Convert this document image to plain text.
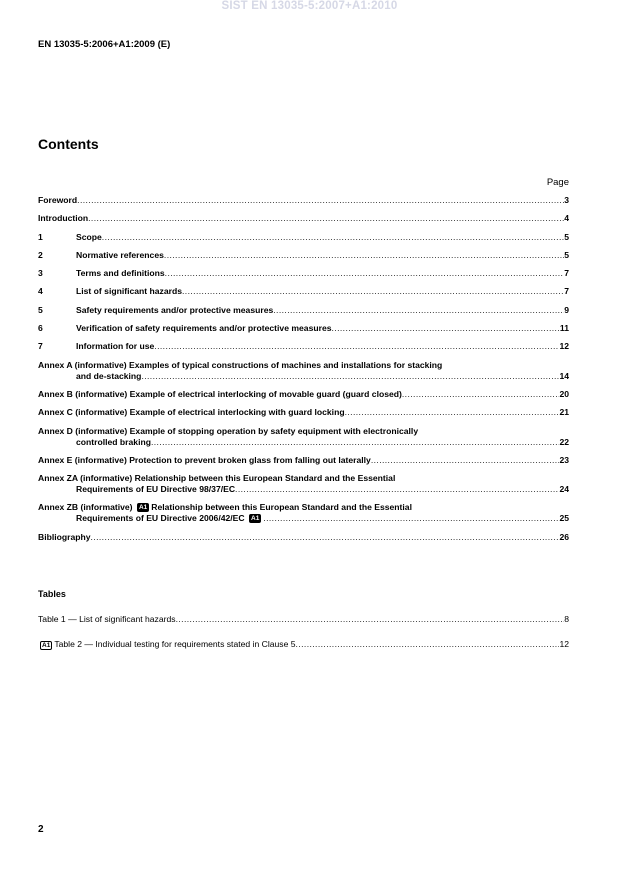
SIST EN 13035-5:2007+A1:2010
EN 13035-5:2006+A1:2009 (E)
Contents
Page
Foreword .....	3
Introduction .....	4
1	Scope .....	5
2	Normative references .....	5
3	Terms and definitions .....	7
4	List of significant hazards .....	7
5	Safety requirements and/or protective measures .....	9
6	Verification of safety requirements and/or protective measures .....	11
7	Information for use .....	12
Annex A (informative) Examples of typical constructions of machines and installations for stacking
and de-stacking .....	14
Annex B (informative) Example of electrical interlocking of movable guard (guard closed) .....	20
Annex C (informative) Example of electrical interlocking with guard locking .....	21
Annex D (informative) Example of stopping operation by safety equipment with electronically
controlled braking .....	22
Annex E (informative) Protection to prevent broken glass from falling out laterally .....	23
Annex ZA (informative) Relationship between this European Standard and the Essential
Requirements of EU Directive 98/37/EC .....	24
Annex ZB (informative) A1 Relationship between this European Standard and the Essential
Requirements of EU Directive 2006/42/EC A1 .....	25
Bibliography .....	26
Tables
Table 1 — List of significant hazards .....	8
A1 Table 2 — Individual testing for requirements stated in Clause 5 .....	12
2
